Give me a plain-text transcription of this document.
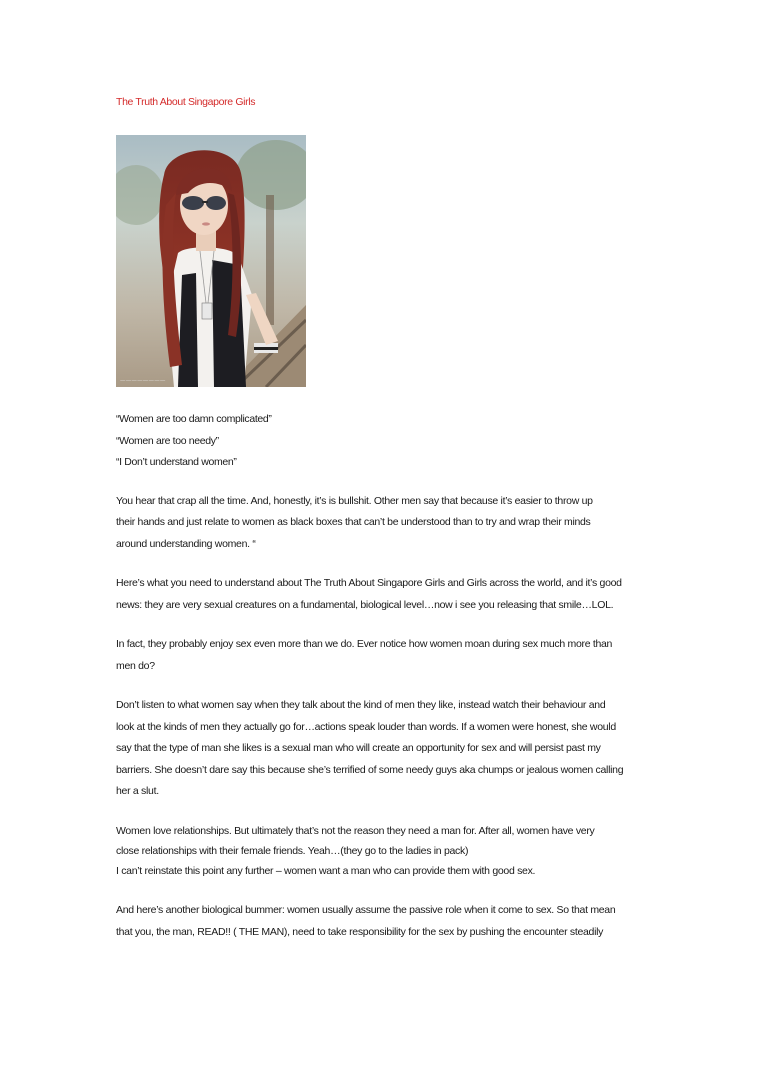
The Truth About Singapore Girls

————————

“Women are too damn complicated”

“Women are too needy”

“I Don’t understand women”

You hear that crap all the time. And, honestly, it’s is bullshit. Other men say that because it’s easier to throw up

their hands and just relate to women as black boxes that can’t be understood than to try and wrap their minds

around understanding women. “

Here’s what you need to understand about The Truth About Singapore Girls and Girls across the world, and it’s good

news: they are very sexual creatures on a fundamental, biological level…now i see you releasing that smile…LOL.

In fact, they probably enjoy sex even more than we do. Ever notice how women moan during sex much more than

men do?

Don’t listen to what women say when they talk about the kind of men they like, instead watch their behaviour and

look at the kinds of men they actually go for…actions speak louder than words. If a women were honest, she would

say that the type of man she likes is a sexual man who will create an opportunity for sex and will persist past my

barriers. She doesn’t dare say this because she’s terrified of some needy guys aka chumps or jealous women calling

her a slut.

Women love relationships. But ultimately that’s not the reason they need a man for. After all, women have very

close relationships with their female friends. Yeah…(they go to the ladies in pack)

I can’t reinstate this point any further – women want a man who can provide them with good sex.

And here’s another biological bummer: women usually assume the passive role when it come to sex. So that mean

that you, the man, READ!! ( THE MAN), need to take responsibility for the sex by pushing the encounter steadily
